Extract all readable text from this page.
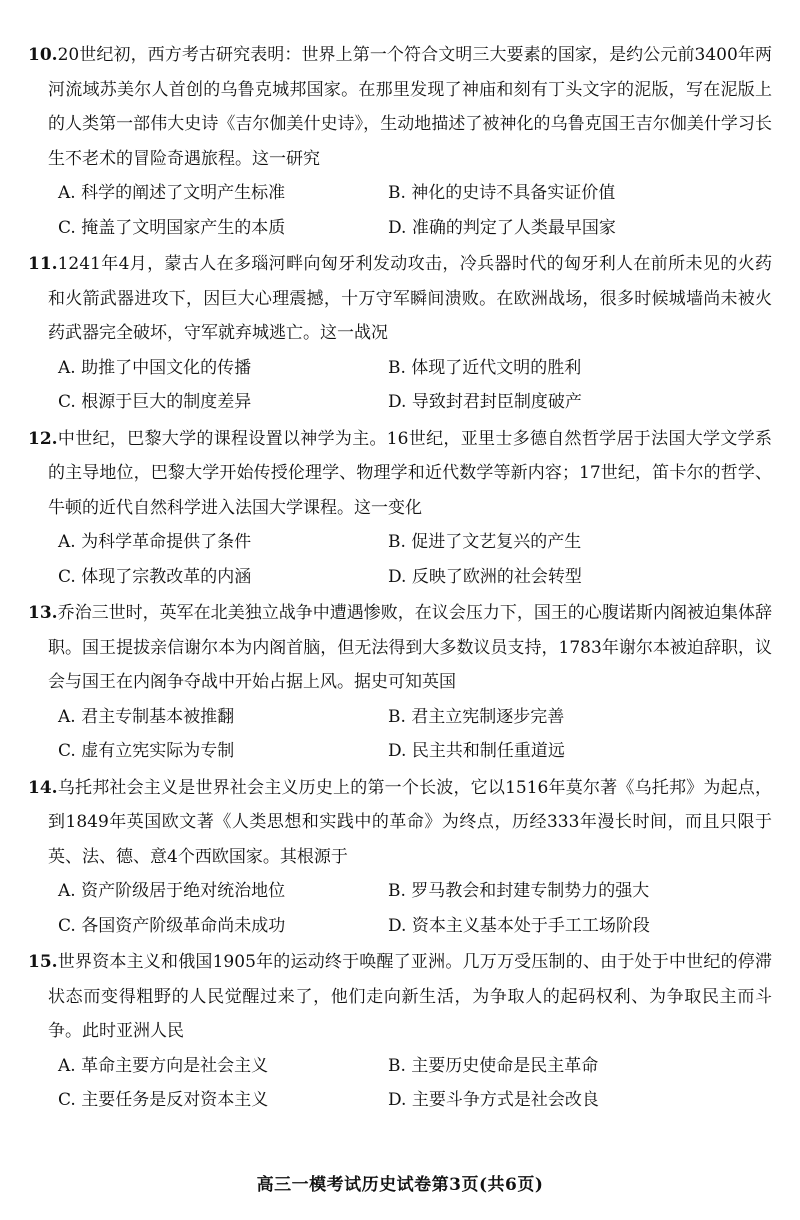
10.20世纪初，西方考古研究表明：世界上第一个符合文明三大要素的国家，是约公元前3400年两河流域苏美尔人首创的乌鲁克城邦国家。在那里发现了神庙和刻有丁头文字的泥版，写在泥版上的人类第一部伟大史诗《吉尔伽美什史诗》，生动地描述了被神化的乌鲁克国王吉尔伽美什学习长生不老术的冒险奇遇旅程。这一研究

A. 科学的阐述了文明产生标准	B. 神化的史诗不具备实证价值
C. 掩盖了文明国家产生的本质	D. 准确的判定了人类最早国家

11.1241年4月，蒙古人在多瑙河畔向匈牙利发动攻击，冷兵器时代的匈牙利人在前所未见的火药和火箭武器进攻下，因巨大心理震撼，十万守军瞬间溃败。在欧洲战场，很多时候城墙尚未被火药武器完全破坏，守军就弃城逃亡。这一战况

A. 助推了中国文化的传播	B. 体现了近代文明的胜利
C. 根源于巨大的制度差异	D. 导致封君封臣制度破产

12.中世纪，巴黎大学的课程设置以神学为主。16世纪，亚里士多德自然哲学居于法国大学文学系的主导地位，巴黎大学开始传授伦理学、物理学和近代数学等新内容；17世纪，笛卡尔的哲学、牛顿的近代自然科学进入法国大学课程。这一变化

A. 为科学革命提供了条件	B. 促进了文艺复兴的产生
C. 体现了宗教改革的内涵	D. 反映了欧洲的社会转型

13.乔治三世时，英军在北美独立战争中遭遇惨败，在议会压力下，国王的心腹诺斯内阁被迫集体辞职。国王提拔亲信谢尔本为内阁首脑，但无法得到大多数议员支持，1783年谢尔本被迫辞职，议会与国王在内阁争夺战中开始占据上风。据史可知英国

A. 君主专制基本被推翻	B. 君主立宪制逐步完善
C. 虚有立宪实际为专制	D. 民主共和制任重道远

14.乌托邦社会主义是世界社会主义历史上的第一个长波，它以1516年莫尔著《乌托邦》为起点，到1849年英国欧文著《人类思想和实践中的革命》为终点，历经333年漫长时间，而且只限于英、法、德、意4个西欧国家。其根源于

A. 资产阶级居于绝对统治地位	B. 罗马教会和封建专制势力的强大
C. 各国资产阶级革命尚未成功	D. 资本主义基本处于手工工场阶段

15.世界资本主义和俄国1905年的运动终于唤醒了亚洲。几万万受压制的、由于处于中世纪的停滞状态而变得粗野的人民觉醒过来了，他们走向新生活，为争取人的起码权利、为争取民主而斗争。此时亚洲人民

A. 革命主要方向是社会主义	B. 主要历史使命是民主革命
C. 主要任务是反对资本主义	D. 主要斗争方式是社会改良
高三一模考试历史试卷第3页(共6页)
